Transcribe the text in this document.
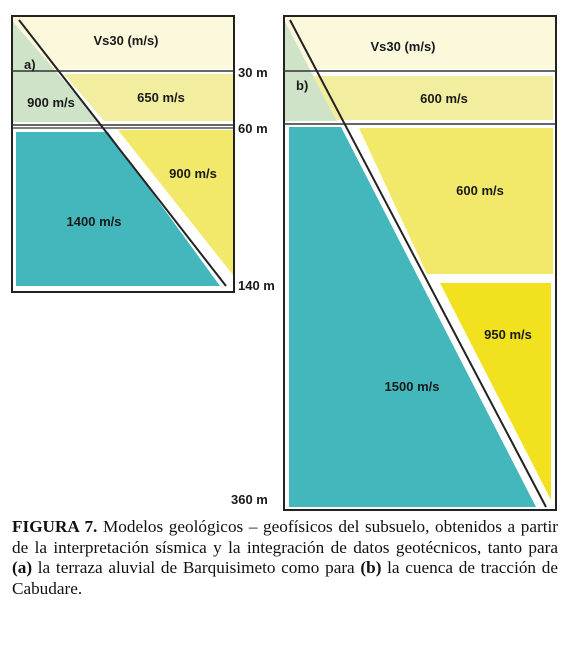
Vs30 (m/s)
a)
900 m/s	650 m/s
900 m/s
1400 m/s
30 m
60 m
140 m
360 m
Vs30 (m/s)
b)
600 m/s
600 m/s
950 m/s
1500 m/s

FIGURA 7. Modelos geológicos – geofísicos del subsuelo, obtenidos a partir de la interpretación sísmica y la integración de datos geotécnicos, tanto para (a) la terraza aluvial de Barquisimeto como para (b) la cuenca de tracción de Cabudare.
